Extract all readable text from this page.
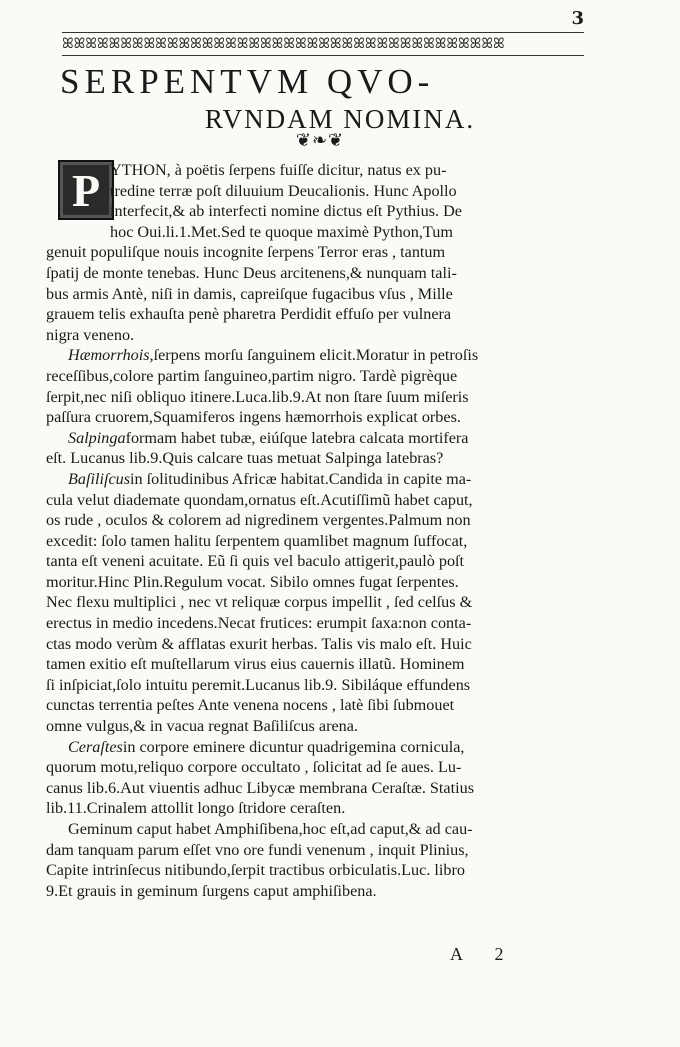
3
ꕤꕤꕤꕤꕤꕤꕤꕤꕤꕤꕤꕤꕤꕤꕤꕤꕤꕤꕤꕤꕤꕤꕤꕤꕤꕤꕤꕤꕤꕤꕤꕤꕤꕤꕤꕤꕤꕤ
SERPENTVM QVO-
RVNDAM NOMINA.
❦❧❦
P YTHON, à poëtis ſerpens fuiſſe dicitur, natus ex pu-
tredine terræ poſt diluuium Deucalionis. Hunc Apollo
interfecit,& ab interfecti nomine dictus eſt Pythius. De
hoc Oui.li.1.Met.Sed te quoque maximè Python,Tum
genuit populiſque nouis incognite ſerpens Terror eras , tantum
ſpatij de monte tenebas. Hunc Deus arcitenens,& nunquam tali-
bus armis Antè, niſi in damis, capreiſque fugacibus vſus , Mille
grauem telis exhauſta penè pharetra Perdidit effuſo per vulnera
nigra veneno.
Hæmorrhois,ſerpens morſu ſanguinem elicit.Moratur in petroſis
receſſibus,colore partim ſanguineo,partim nigro. Tardè pigrèque
ſerpit,nec niſi obliquo itinere.Luca.lib.9.At non ſtare ſuum miſeris
paſſura cruorem,Squamiferos ingens hæmorrhois explicat orbes.
Salpingaformam habet tubæ, eiúſque latebra calcata mortifera
eſt. Lucanus lib.9.Quis calcare tuas metuat Salpinga latebras?
Baſiliſcusin ſolitudinibus Africæ habitat.Candida in capite ma-
cula velut diademate quondam,ornatus eſt.Acutiſſimũ habet caput,
os rude , oculos & colorem ad nigredinem vergentes.Palmum non
excedit: ſolo tamen halitu ſerpentem quamlibet magnum ſuffocat,
tanta eſt veneni acuitate. Eũ ſi quis vel baculo attigerit,paulò poſt
moritur.Hinc Plin.Regulum vocat. Sibilo omnes fugat ſerpentes.
Nec flexu multiplici , nec vt reliquæ corpus impellit , ſed celſus &
erectus in medio incedens.Necat frutices: erumpit ſaxa:non conta-
ctas modo verùm & afflatas exurit herbas. Talis vis malo eſt. Huic
tamen exitio eſt muſtellarum virus eius cauernis illatũ. Hominem
ſi inſpiciat,ſolo intuitu peremit.Lucanus lib.9. Sibiláque effundens
cunctas terrentia peſtes Ante venena nocens , latè ſibi ſubmouet
omne vulgus,& in vacua regnat Baſiliſcus arena.
Ceraſtesin corpore eminere dicuntur quadrigemina cornicula,
quorum motu,reliquo corpore occultato , ſolicitat ad ſe aues. Lu-
canus lib.6.Aut viuentis adhuc Libycæ membrana Ceraſtæ. Statius
lib.11.Crinalem attollit longo ſtridore ceraſten.
Geminum caput habet Amphiſibena,hoc eſt,ad caput,& ad cau-
dam tanquam parum eſſet vno ore fundi venenum , inquit Plinius,
Capite intrinſecus nitibundo,ſerpit tractibus orbiculatis.Luc. libro
9.Et grauis in geminum ſurgens caput amphiſibena.
A 2
